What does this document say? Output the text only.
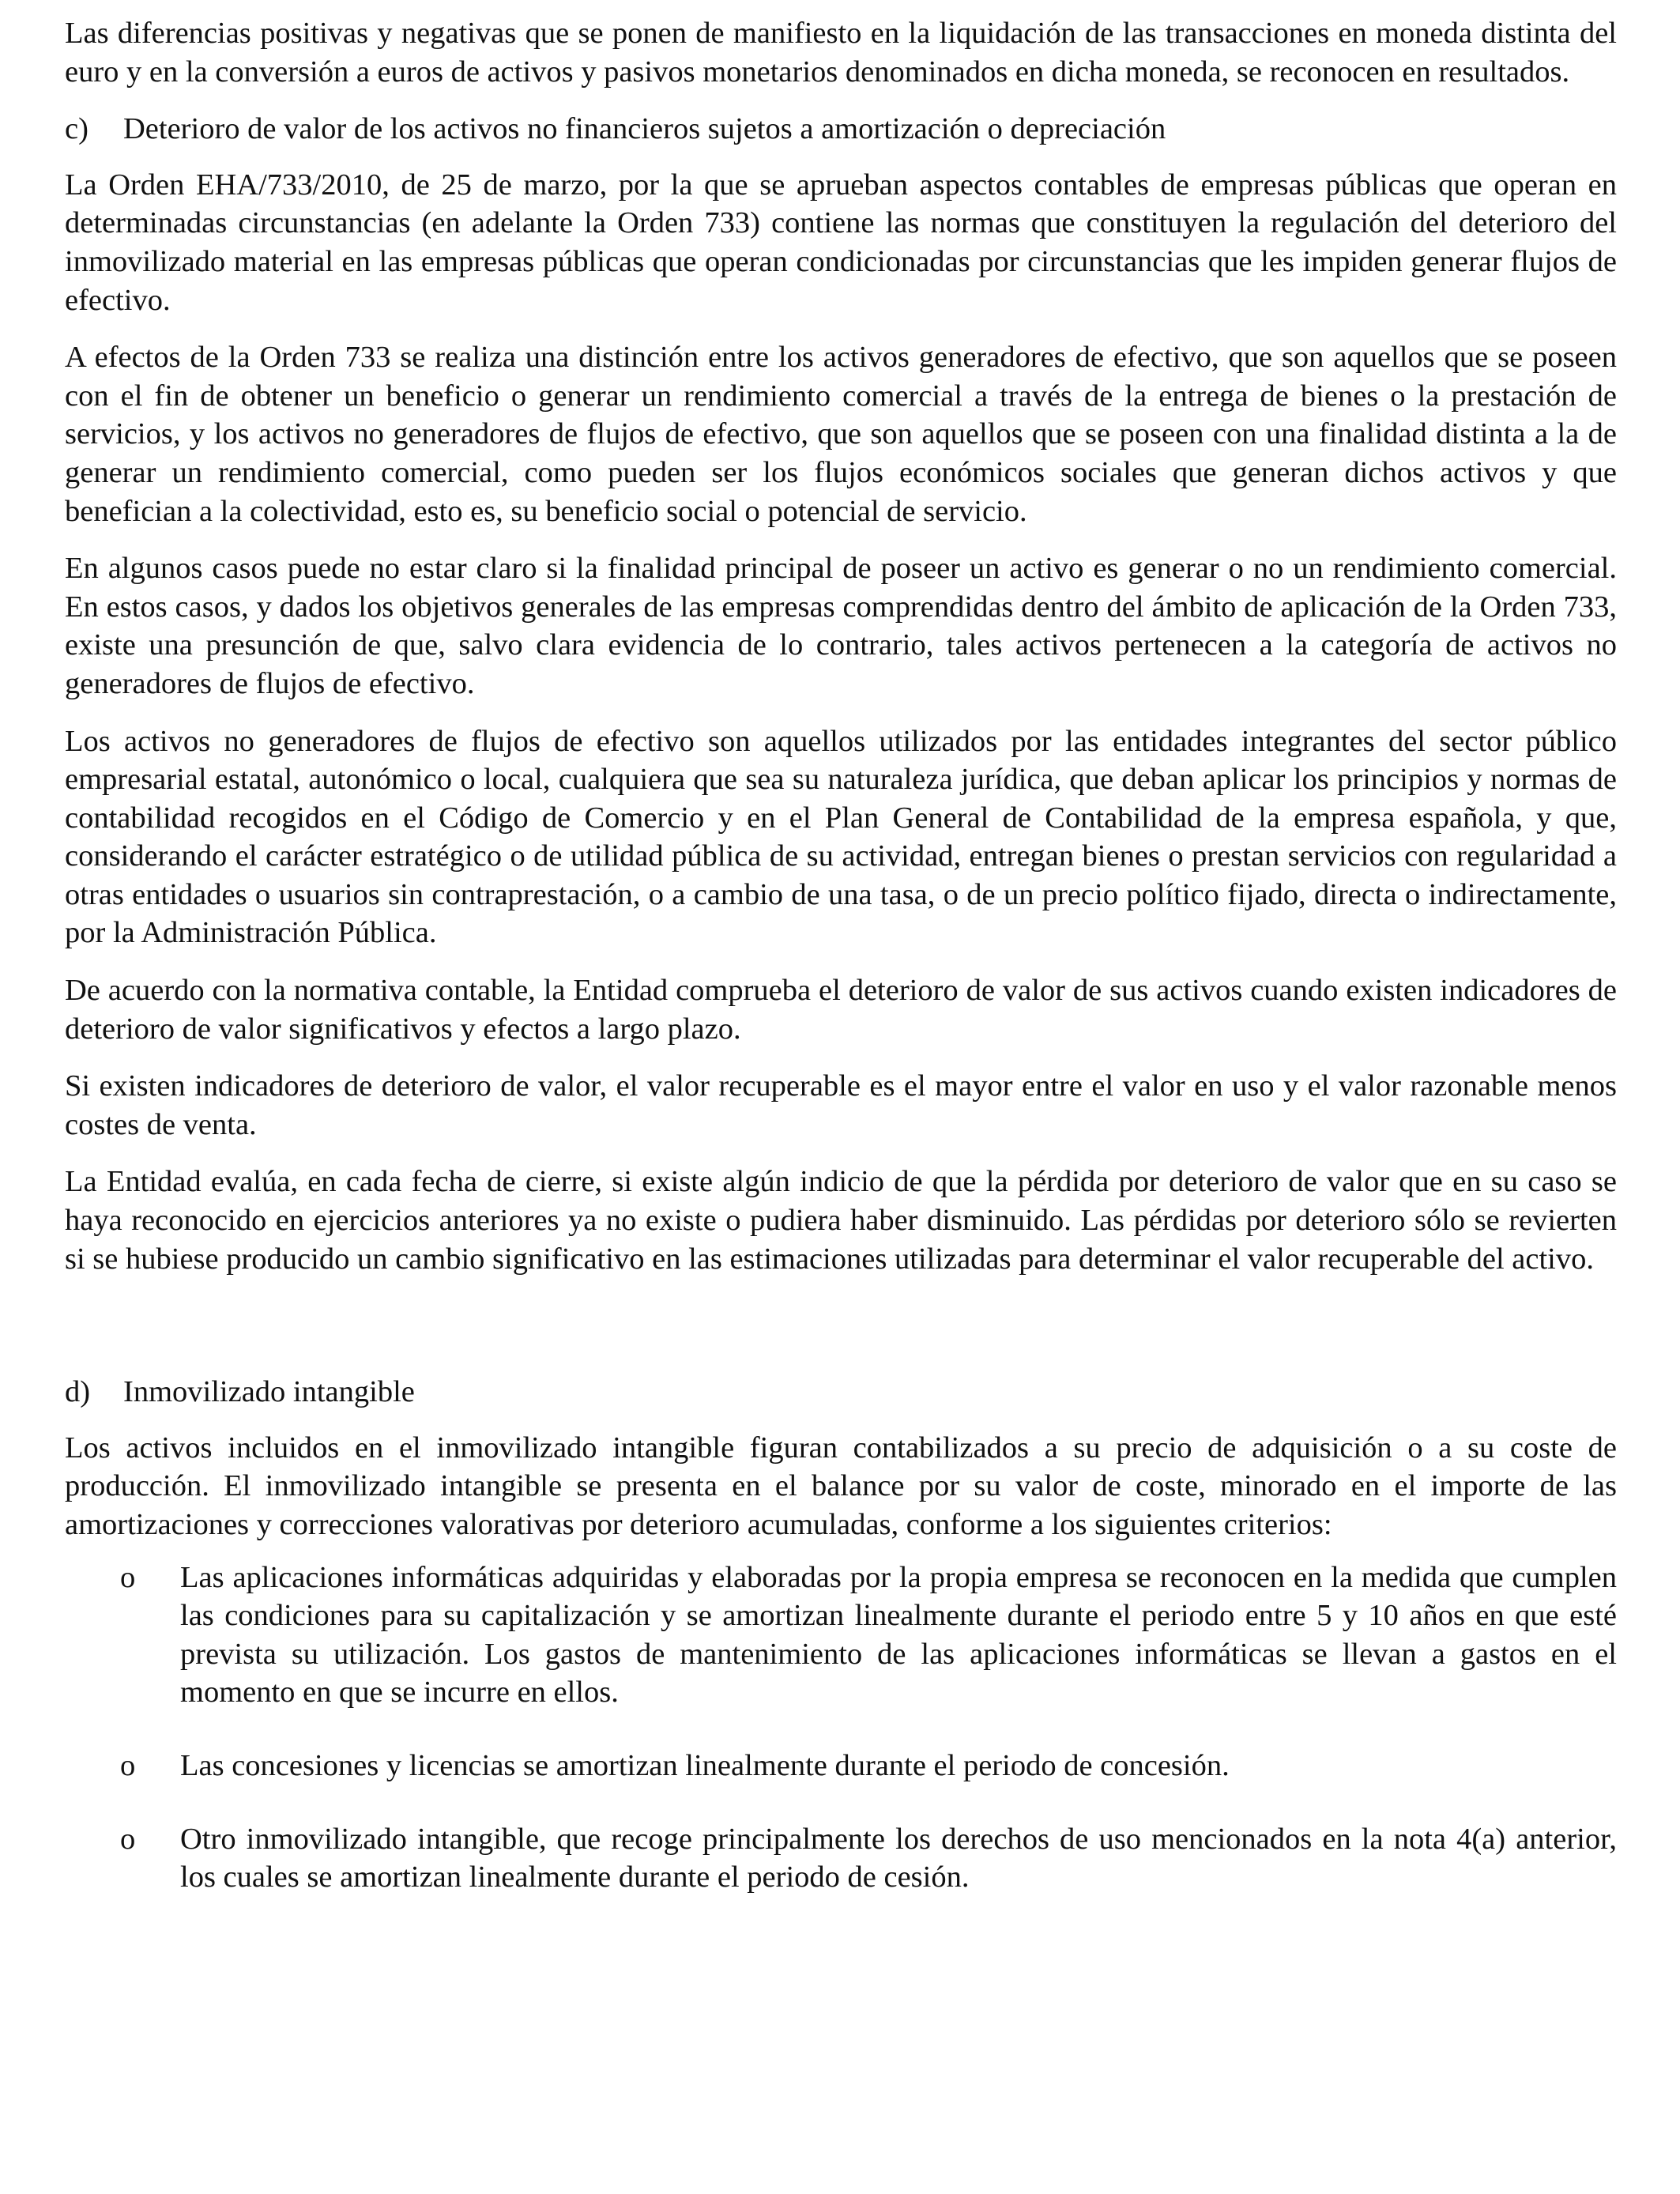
Las diferencias positivas y negativas que se ponen de manifiesto en la liquidación de las transacciones en moneda distinta del euro y en la conversión a euros de activos y pasivos monetarios denominados en dicha moneda, se reconocen en resultados.

c)	Deterioro de valor de los activos no financieros sujetos a amortización o depreciación

La Orden EHA/733/2010, de 25 de marzo, por la que se aprueban aspectos contables de empresas públicas que operan en determinadas circunstancias (en adelante la Orden 733) contiene las normas que constituyen la regulación del deterioro del inmovilizado material en las empresas públicas que operan condicionadas por circunstancias que les impiden generar flujos de efectivo.

A efectos de la Orden 733 se realiza una distinción entre los activos generadores de efectivo, que son aquellos que se poseen con el fin de obtener un beneficio o generar un rendimiento comercial a través de la entrega de bienes o la prestación de servicios, y los activos no generadores de flujos de efectivo, que son aquellos que se poseen con una finalidad distinta a la de generar un rendimiento comercial, como pueden ser los flujos económicos sociales que generan dichos activos y que benefician a la colectividad, esto es, su beneficio social o potencial de servicio.

En algunos casos puede no estar claro si la finalidad principal de poseer un activo es generar o no un rendimiento comercial. En estos casos, y dados los objetivos generales de las empresas comprendidas dentro del ámbito de aplicación de la Orden 733, existe una presunción de que, salvo clara evidencia de lo contrario, tales activos pertenecen a la categoría de activos no generadores de flujos de efectivo.

Los activos no generadores de flujos de efectivo son aquellos utilizados por las entidades integrantes del sector público empresarial estatal, autonómico o local, cualquiera que sea su naturaleza jurídica, que deban aplicar los principios y normas de contabilidad recogidos en el Código de Comercio y en el Plan General de Contabilidad de la empresa española, y que, considerando el carácter estratégico o de utilidad pública de su actividad, entregan bienes o prestan servicios con regularidad a otras entidades o usuarios sin contraprestación, o a cambio de una tasa, o de un precio político fijado, directa o indirectamente, por la Administración Pública.

De acuerdo con la normativa contable, la Entidad comprueba el deterioro de valor de sus activos cuando existen indicadores de deterioro de valor significativos y efectos a largo plazo.

Si existen indicadores de deterioro de valor, el valor recuperable es el mayor entre el valor en uso y el valor razonable menos costes de venta.

La Entidad evalúa, en cada fecha de cierre, si existe algún indicio de que la pérdida por deterioro de valor que en su caso se haya reconocido en ejercicios anteriores ya no existe o pudiera haber disminuido. Las pérdidas por deterioro sólo se revierten si se hubiese producido un cambio significativo en las estimaciones utilizadas para determinar el valor recuperable del activo.

d)	Inmovilizado intangible

Los activos incluidos en el inmovilizado intangible figuran contabilizados a su precio de adquisición o a su coste de producción. El inmovilizado intangible se presenta en el balance por su valor de coste, minorado en el importe de las amortizaciones y correcciones valorativas por deterioro acumuladas, conforme a los siguientes criterios:

o	Las aplicaciones informáticas adquiridas y elaboradas por la propia empresa se reconocen en la medida que cumplen las condiciones para su capitalización y se amortizan linealmente durante el periodo entre 5 y 10 años en que esté prevista su utilización. Los gastos de mantenimiento de las aplicaciones informáticas se llevan a gastos en el momento en que se incurre en ellos.
o	Las concesiones y licencias se amortizan linealmente durante el periodo de concesión.
o	Otro inmovilizado intangible, que recoge principalmente los derechos de uso mencionados en la nota 4(a) anterior, los cuales se amortizan linealmente durante el periodo de cesión.
